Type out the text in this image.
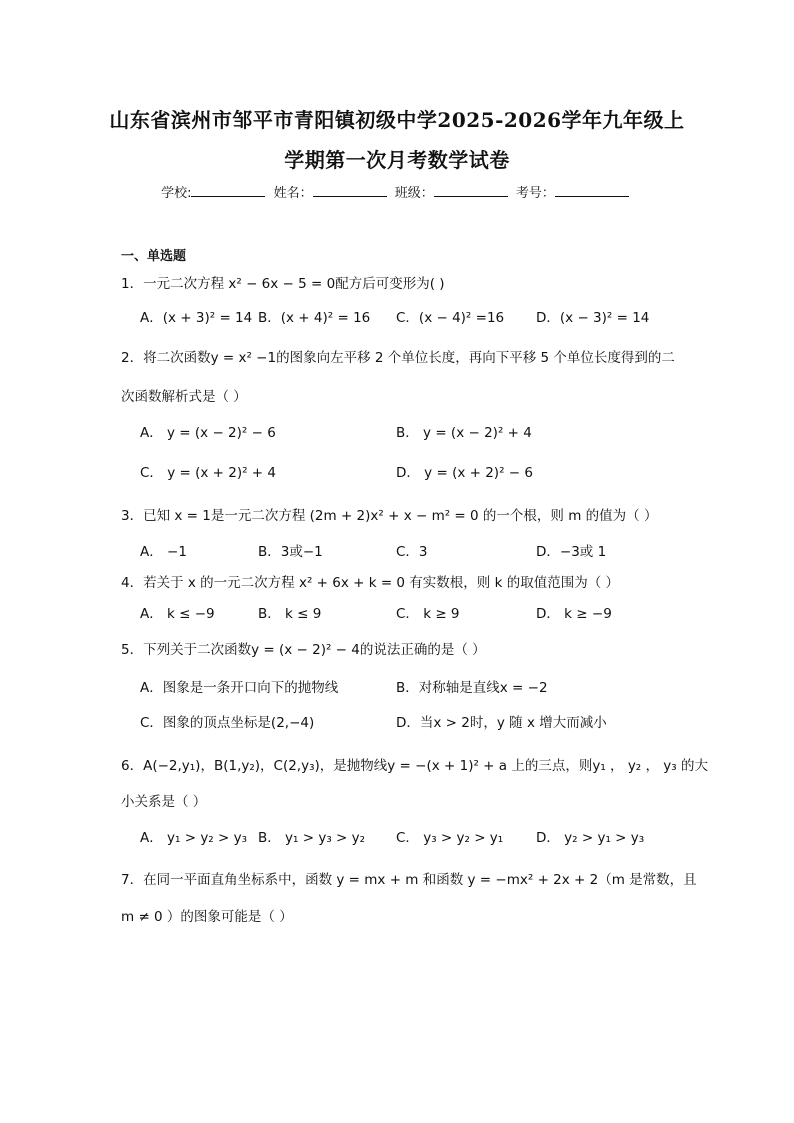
山东省滨州市邹平市青阳镇初级中学2025-2026学年九年级上
学期第一次月考数学试卷
学校:	姓名：	班级：	考号：
一、单选题
1．一元二次方程 x² − 6x − 5 = 0配方后可变形为( )
A．(x + 3)² = 14 B．(x + 4)² = 16 C．(x − 4)² =16 D．(x − 3)² = 14
2．将二次函数y = x² −1的图象向左平移 2 个单位长度，再向下平移 5 个单位长度得到的二
次函数解析式是（ ）
A． y = (x − 2)² − 6	B． y = (x − 2)² + 4
C． y = (x + 2)² + 4	D． y = (x + 2)² − 6
3．已知 x = 1是一元二次方程 (2m + 2)x² + x − m² = 0 的一个根，则 m 的值为（ ）
A． −1	B．3或−1	C．3	D．−3或 1
4．若关于 x 的一元二次方程 x² + 6x + k = 0 有实数根，则 k 的取值范围为（ ）
A． k ≤ −9	B． k ≤ 9	C． k ≥ 9	D． k ≥ −9
5．下列关于二次函数y = (x − 2)² − 4的说法正确的是（ ）
A．图象是一条开口向下的抛物线	B．对称轴是直线x = −2
C．图象的顶点坐标是(2,−4)	D．当x > 2时，y 随 x 增大而减小
6．A(−2,y₁)，B(1,y₂)，C(2,y₃)，是抛物线y = −(x + 1)² + a 上的三点，则y₁ ， y₂ ， y₃ 的大
小关系是（ ）
A． y₁ > y₂ > y₃ B． y₁ > y₃ > y₂ C． y₃ > y₂ > y₁ D． y₂ > y₁ > y₃
7．在同一平面直角坐标系中，函数 y = mx + m 和函数 y = −mx² + 2x + 2（m 是常数，且
m ≠ 0 ）的图象可能是（ ）
